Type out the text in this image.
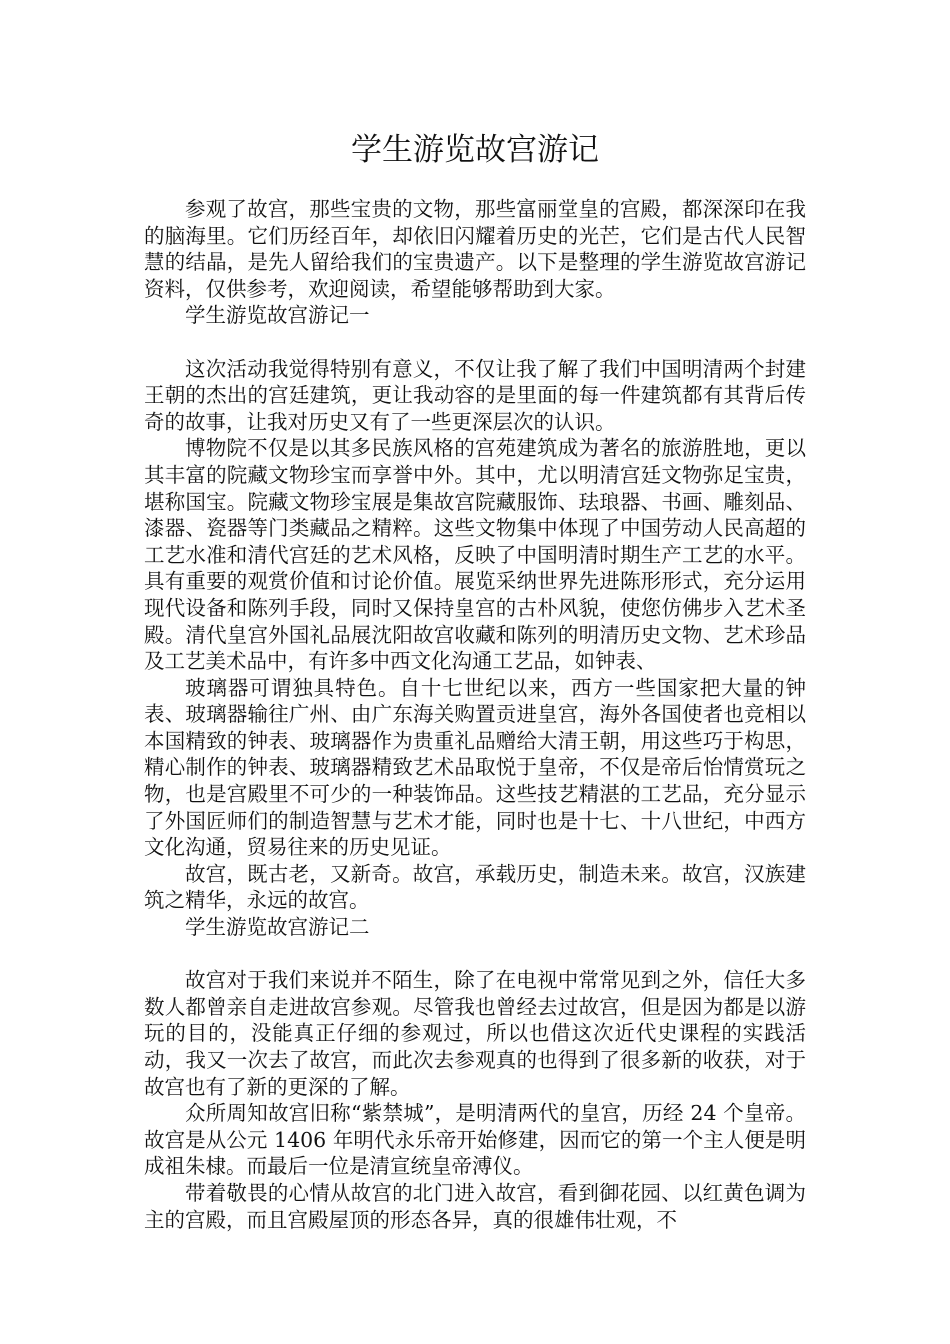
学生游览故宫游记

参观了故宫，那些宝贵的文物，那些富丽堂皇的宫殿，都深深印在我的脑海里。它们历经百年，却依旧闪耀着历史的光芒，它们是古代人民智慧的结晶，是先人留给我们的宝贵遗产。以下是整理的学生游览故宫游记资料，仅供参考，欢迎阅读，希望能够帮助到大家。

学生游览故宫游记一

这次活动我觉得特别有意义，不仅让我了解了我们中国明清两个封建王朝的杰出的宫廷建筑，更让我动容的是里面的每一件建筑都有其背后传奇的故事，让我对历史又有了一些更深层次的认识。

博物院不仅是以其多民族风格的宫苑建筑成为著名的旅游胜地，更以其丰富的院藏文物珍宝而享誉中外。其中，尤以明清宫廷文物弥足宝贵，堪称国宝。院藏文物珍宝展是集故宫院藏服饰、珐琅器、书画、雕刻品、漆器、瓷器等门类藏品之精粹。这些文物集中体现了中国劳动人民高超的工艺水准和清代宫廷的艺术风格，反映了中国明清时期生产工艺的水平。具有重要的观赏价值和讨论价值。展览采纳世界先进陈形形式，充分运用现代设备和陈列手段，同时又保持皇宫的古朴风貌，使您仿佛步入艺术圣殿。清代皇宫外国礼品展沈阳故宫收藏和陈列的明清历史文物、艺术珍品及工艺美术品中，有许多中西文化沟通工艺品，如钟表、

玻璃器可谓独具特色。自十七世纪以来，西方一些国家把大量的钟表、玻璃器输往广州、由广东海关购置贡进皇宫，海外各国使者也竞相以本国精致的钟表、玻璃器作为贵重礼品赠给大清王朝，用这些巧于构思，精心制作的钟表、玻璃器精致艺术品取悦于皇帝，不仅是帝后怡情赏玩之物，也是宫殿里不可少的一种装饰品。这些技艺精湛的工艺品，充分显示了外国匠师们的制造智慧与艺术才能，同时也是十七、十八世纪，中西方文化沟通，贸易往来的历史见证。

故宫，既古老，又新奇。故宫，承载历史，制造未来。故宫，汉族建筑之精华，永远的故宫。

学生游览故宫游记二

故宫对于我们来说并不陌生，除了在电视中常常见到之外，信任大多数人都曾亲自走进故宫参观。尽管我也曾经去过故宫，但是因为都是以游玩的目的，没能真正仔细的参观过，所以也借这次近代史课程的实践活动，我又一次去了故宫，而此次去参观真的也得到了很多新的收获，对于故宫也有了新的更深的了解。

众所周知故宫旧称“紫禁城”，是明清两代的皇宫，历经 24 个皇帝。故宫是从公元 1406 年明代永乐帝开始修建，因而它的第一个主人便是明成祖朱棣。而最后一位是清宣统皇帝溥仪。

带着敬畏的心情从故宫的北门进入故宫，看到御花园、以红黄色调为主的宫殿，而且宫殿屋顶的形态各异，真的很雄伟壮观，不
